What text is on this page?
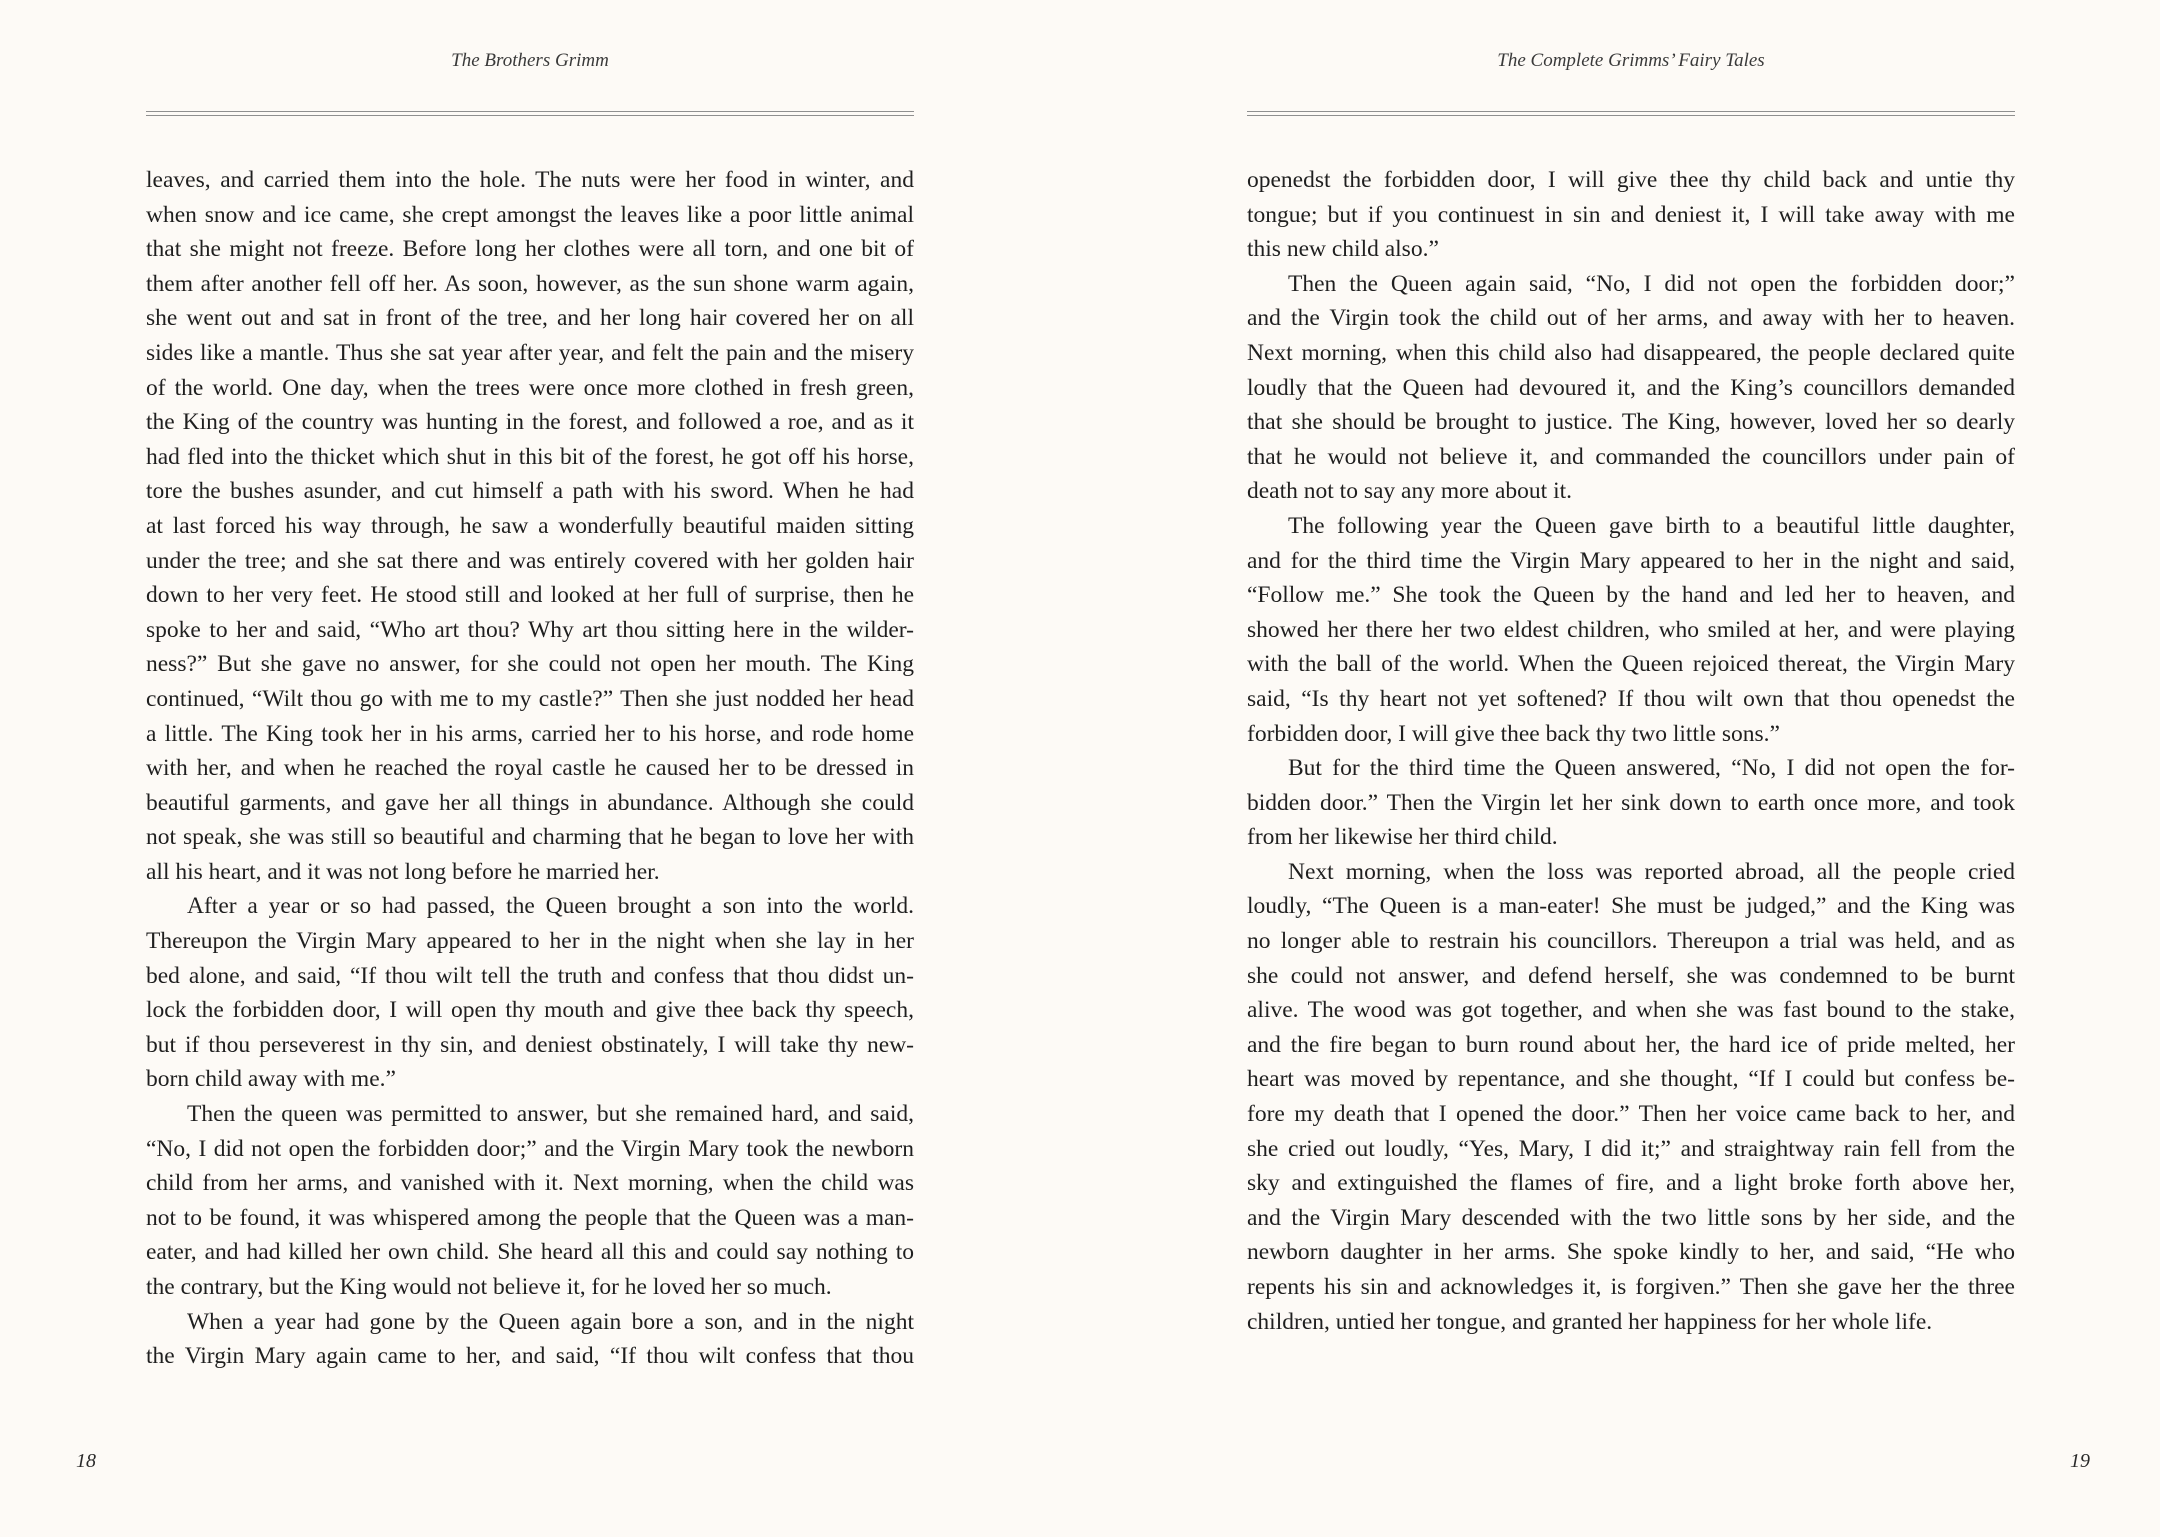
The Brothers Grimm
leaves, and carried them into the hole. The nuts were her food in winter, and
when snow and ice came, she crept amongst the leaves like a poor little animal
that she might not freeze. Before long her clothes were all torn, and one bit of
them after another fell off her. As soon, however, as the sun shone warm again,
she went out and sat in front of the tree, and her long hair covered her on all
sides like a mantle. Thus she sat year after year, and felt the pain and the misery
of the world. One day, when the trees were once more clothed in fresh green,
the King of the country was hunting in the forest, and followed a roe, and as it
had fled into the thicket which shut in this bit of the forest, he got off his horse,
tore the bushes asunder, and cut himself a path with his sword. When he had
at last forced his way through, he saw a wonderfully beautiful maiden sitting
under the tree; and she sat there and was entirely covered with her golden hair
down to her very feet. He stood still and looked at her full of surprise, then he
spoke to her and said, “Who art thou? Why art thou sitting here in the wilder-
ness?” But she gave no answer, for she could not open her mouth. The King
continued, “Wilt thou go with me to my castle?” Then she just nodded her head
a little. The King took her in his arms, carried her to his horse, and rode home
with her, and when he reached the royal castle he caused her to be dressed in
beautiful garments, and gave her all things in abundance. Although she could
not speak, she was still so beautiful and charming that he began to love her with
all his heart, and it was not long before he married her.
After a year or so had passed, the Queen brought a son into the world.
Thereupon the Virgin Mary appeared to her in the night when she lay in her
bed alone, and said, “If thou wilt tell the truth and confess that thou didst un-
lock the forbidden door, I will open thy mouth and give thee back thy speech,
but if thou perseverest in thy sin, and deniest obstinately, I will take thy new-
born child away with me.”
Then the queen was permitted to answer, but she remained hard, and said,
“No, I did not open the forbidden door;” and the Virgin Mary took the newborn
child from her arms, and vanished with it. Next morning, when the child was
not to be found, it was whispered among the people that the Queen was a man-
eater, and had killed her own child. She heard all this and could say nothing to
the contrary, but the King would not believe it, for he loved her so much.
When a year had gone by the Queen again bore a son, and in the night
the Virgin Mary again came to her, and said, “If thou wilt confess that thou
18
The Complete Grimms’ Fairy Tales
openedst the forbidden door, I will give thee thy child back and untie thy
tongue; but if you continuest in sin and deniest it, I will take away with me
this new child also.”
Then the Queen again said, “No, I did not open the forbidden door;”
and the Virgin took the child out of her arms, and away with her to heaven.
Next morning, when this child also had disappeared, the people declared quite
loudly that the Queen had devoured it, and the King’s councillors demanded
that she should be brought to justice. The King, however, loved her so dearly
that he would not believe it, and commanded the councillors under pain of
death not to say any more about it.
The following year the Queen gave birth to a beautiful little daughter,
and for the third time the Virgin Mary appeared to her in the night and said,
“Follow me.” She took the Queen by the hand and led her to heaven, and
showed her there her two eldest children, who smiled at her, and were playing
with the ball of the world. When the Queen rejoiced thereat, the Virgin Mary
said, “Is thy heart not yet softened? If thou wilt own that thou openedst the
forbidden door, I will give thee back thy two little sons.”
But for the third time the Queen answered, “No, I did not open the for-
bidden door.” Then the Virgin let her sink down to earth once more, and took
from her likewise her third child.
Next morning, when the loss was reported abroad, all the people cried
loudly, “The Queen is a man-eater! She must be judged,” and the King was
no longer able to restrain his councillors. Thereupon a trial was held, and as
she could not answer, and defend herself, she was condemned to be burnt
alive. The wood was got together, and when she was fast bound to the stake,
and the fire began to burn round about her, the hard ice of pride melted, her
heart was moved by repentance, and she thought, “If I could but confess be-
fore my death that I opened the door.” Then her voice came back to her, and
she cried out loudly, “Yes, Mary, I did it;” and straightway rain fell from the
sky and extinguished the flames of fire, and a light broke forth above her,
and the Virgin Mary descended with the two little sons by her side, and the
newborn daughter in her arms. She spoke kindly to her, and said, “He who
repents his sin and acknowledges it, is forgiven.” Then she gave her the three
children, untied her tongue, and granted her happiness for her whole life.
19
